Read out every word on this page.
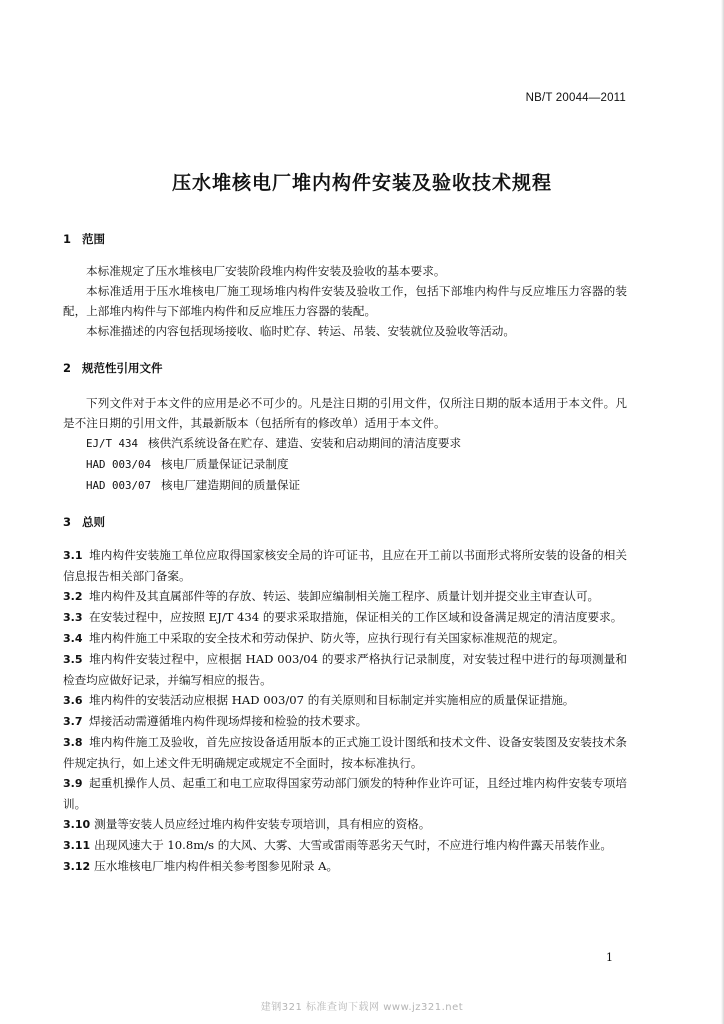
NB/T 20044—2011
压水堆核电厂堆内构件安装及验收技术规程
1 范围

本标准规定了压水堆核电厂安装阶段堆内构件安装及验收的基本要求。

本标准适用于压水堆核电厂施工现场堆内构件安装及验收工作，包括下部堆内构件与反应堆压力容器的装配，上部堆内构件与下部堆内构件和反应堆压力容器的装配。

本标准描述的内容包括现场接收、临时贮存、转运、吊装、安装就位及验收等活动。

2 规范性引用文件

下列文件对于本文件的应用是必不可少的。凡是注日期的引用文件，仅所注日期的版本适用于本文件。凡是不注日期的引用文件，其最新版本（包括所有的修改单）适用于本文件。

EJ/T 434 核供汽系统设备在贮存、建造、安装和启动期间的清洁度要求

HAD 003/04 核电厂质量保证记录制度

HAD 003/07 核电厂建造期间的质量保证

3 总则

3.1 堆内构件安装施工单位应取得国家核安全局的许可证书，且应在开工前以书面形式将所安装的设备的相关信息报告相关部门备案。

3.2 堆内构件及其直属部件等的存放、转运、装卸应编制相关施工程序、质量计划并提交业主审查认可。

3.3 在安装过程中，应按照 EJ/T 434 的要求采取措施，保证相关的工作区域和设备满足规定的清洁度要求。

3.4 堆内构件施工中采取的安全技术和劳动保护、防火等，应执行现行有关国家标准规范的规定。

3.5 堆内构件安装过程中，应根据 HAD 003/04 的要求严格执行记录制度，对安装过程中进行的每项测量和检查均应做好记录，并编写相应的报告。

3.6 堆内构件的安装活动应根据 HAD 003/07 的有关原则和目标制定并实施相应的质量保证措施。

3.7 焊接活动需遵循堆内构件现场焊接和检验的技术要求。

3.8 堆内构件施工及验收，首先应按设备适用版本的正式施工设计图纸和技术文件、设备安装图及安装技术条件规定执行，如上述文件无明确规定或规定不全面时，按本标准执行。

3.9 起重机操作人员、起重工和电工应取得国家劳动部门颁发的特种作业许可证，且经过堆内构件安装专项培训。

3.10 测量等安装人员应经过堆内构件安装专项培训，具有相应的资格。

3.11 出现风速大于 10.8m/s 的大风、大雾、大雪或雷雨等恶劣天气时，不应进行堆内构件露天吊装作业。

3.12 压水堆核电厂堆内构件相关参考图参见附录 A。

1
建钢321 标准查询下载网 www.jz321.net
